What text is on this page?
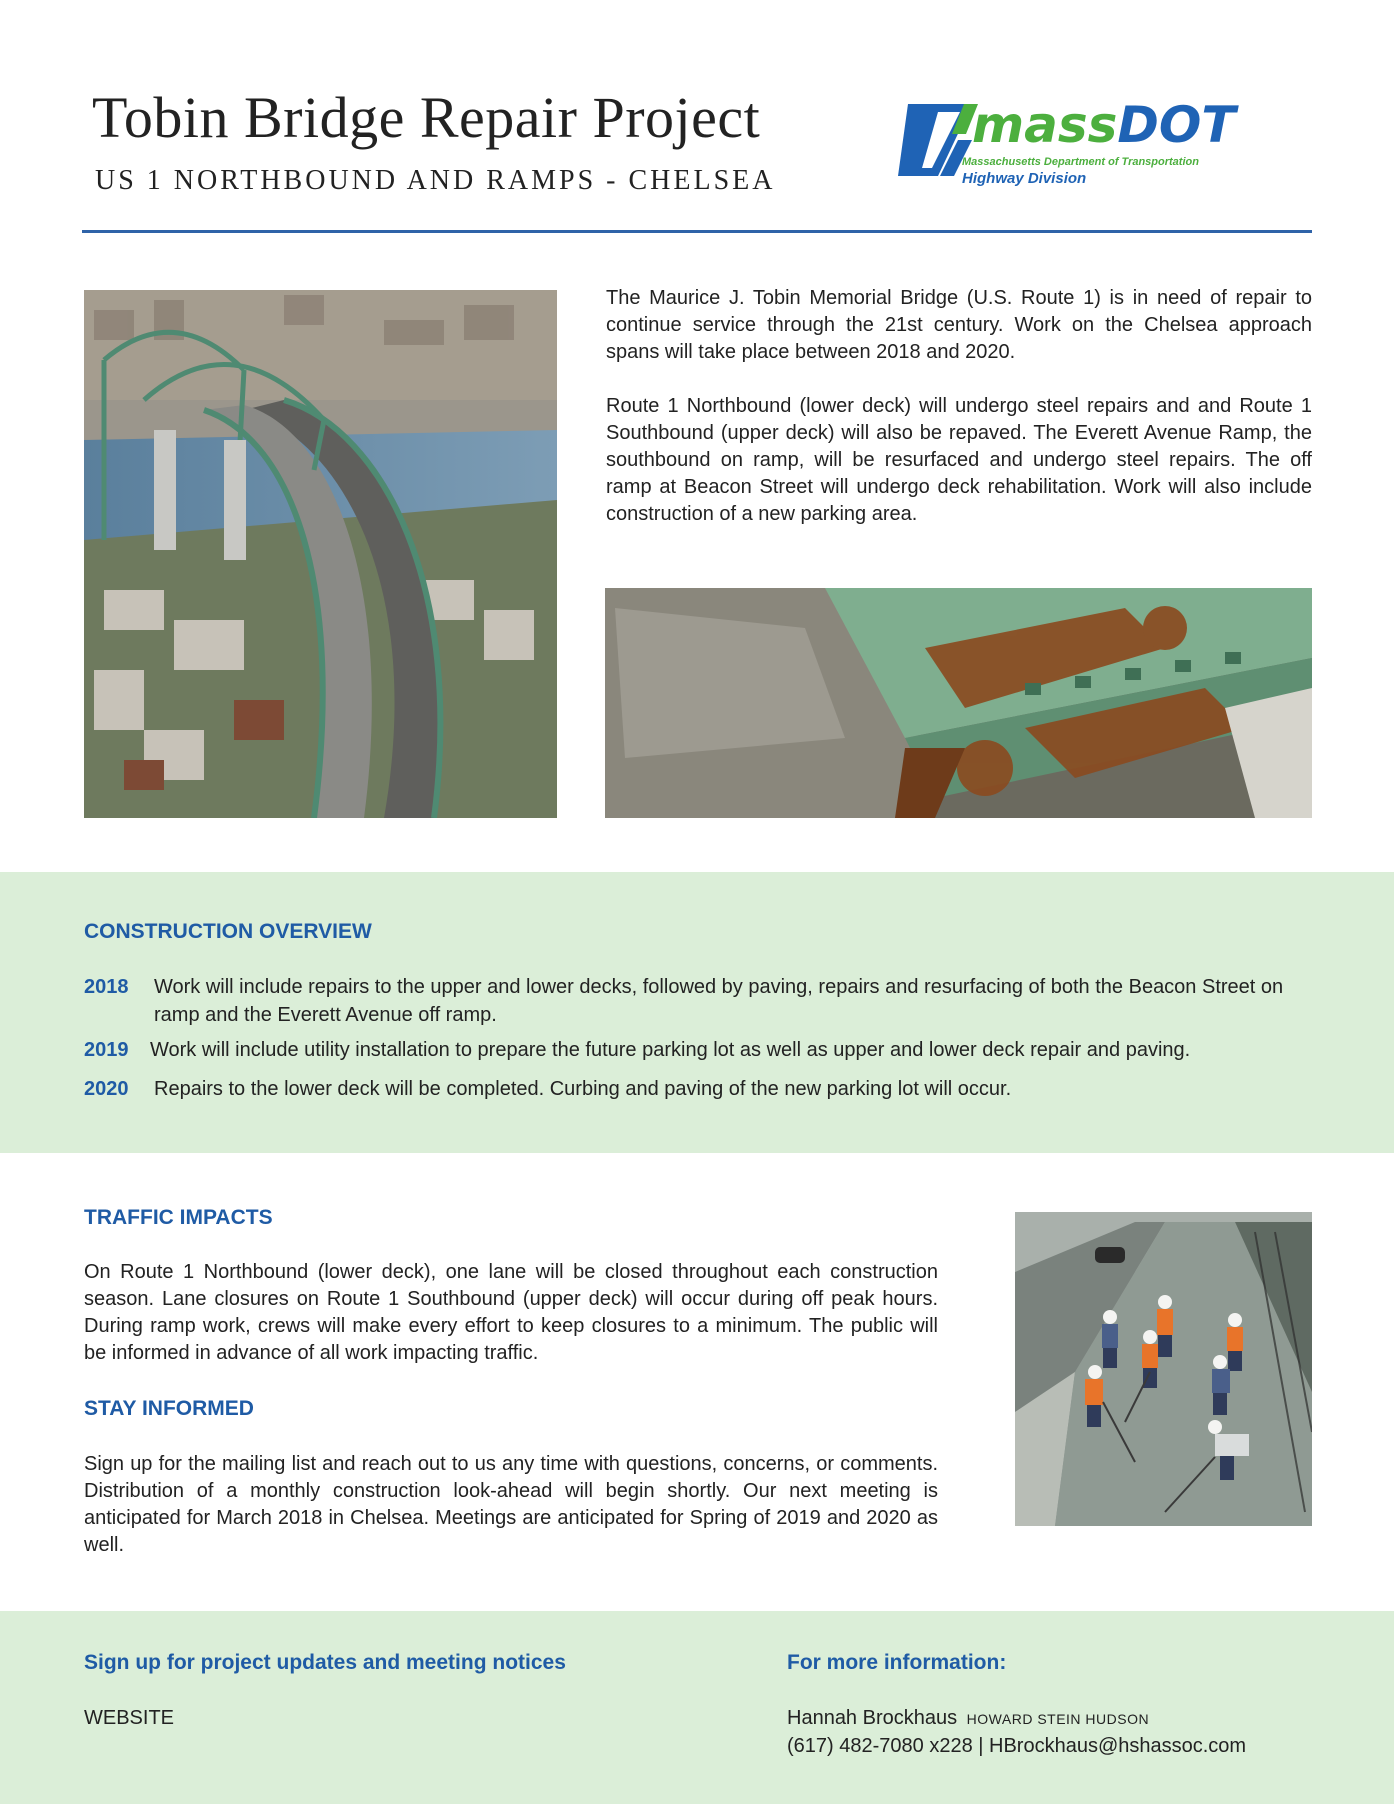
Tobin Bridge Repair Project
US 1 NORTHBOUND AND RAMPS - CHELSEA
massDOT
Massachusetts Department of Transportation
Highway Division

The Maurice J. Tobin Memorial Bridge (U.S. Route 1) is in need of repair to continue service through the 21st century. Work on the Chelsea approach spans will take place between 2018 and 2020.

Route 1 Northbound (lower deck) will undergo steel repairs and and Route 1 Southbound (upper deck) will also be repaved. The Everett Avenue Ramp, the southbound on ramp, will be resurfaced and undergo steel repairs. The off ramp at Beacon Street will undergo deck rehabilitation. Work will also include construction of a new parking area.

CONSTRUCTION OVERVIEW
2018 Work will include repairs to the upper and lower decks, followed by paving, repairs and resurfacing of both the Beacon Street on ramp and the Everett Avenue off ramp.
2019 Work will include utility installation to prepare the future parking lot as well as upper and lower deck repair and paving.
2020 Repairs to the lower deck will be completed. Curbing and paving of the new parking lot will occur.
TRAFFIC IMPACTS
On Route 1 Northbound (lower deck), one lane will be closed throughout each construction season. Lane closures on Route 1 Southbound (upper deck) will occur during off peak hours. During ramp work, crews will make every effort to keep closures to a minimum. The public will be informed in advance of all work impacting traffic.
STAY INFORMED
Sign up for the mailing list and reach out to us any time with questions, concerns, or comments. Distribution of a monthly construction look-ahead will begin shortly. Our next meeting is anticipated for March 2018 in Chelsea. Meetings are anticipated for Spring of 2019 and 2020 as well.
Sign up for project updates and meeting notices
WEBSITE
For more information:
Hannah Brockhaus HOWARD STEIN HUDSON
(617) 482-7080 x228 | HBrockhaus@hshassoc.com
